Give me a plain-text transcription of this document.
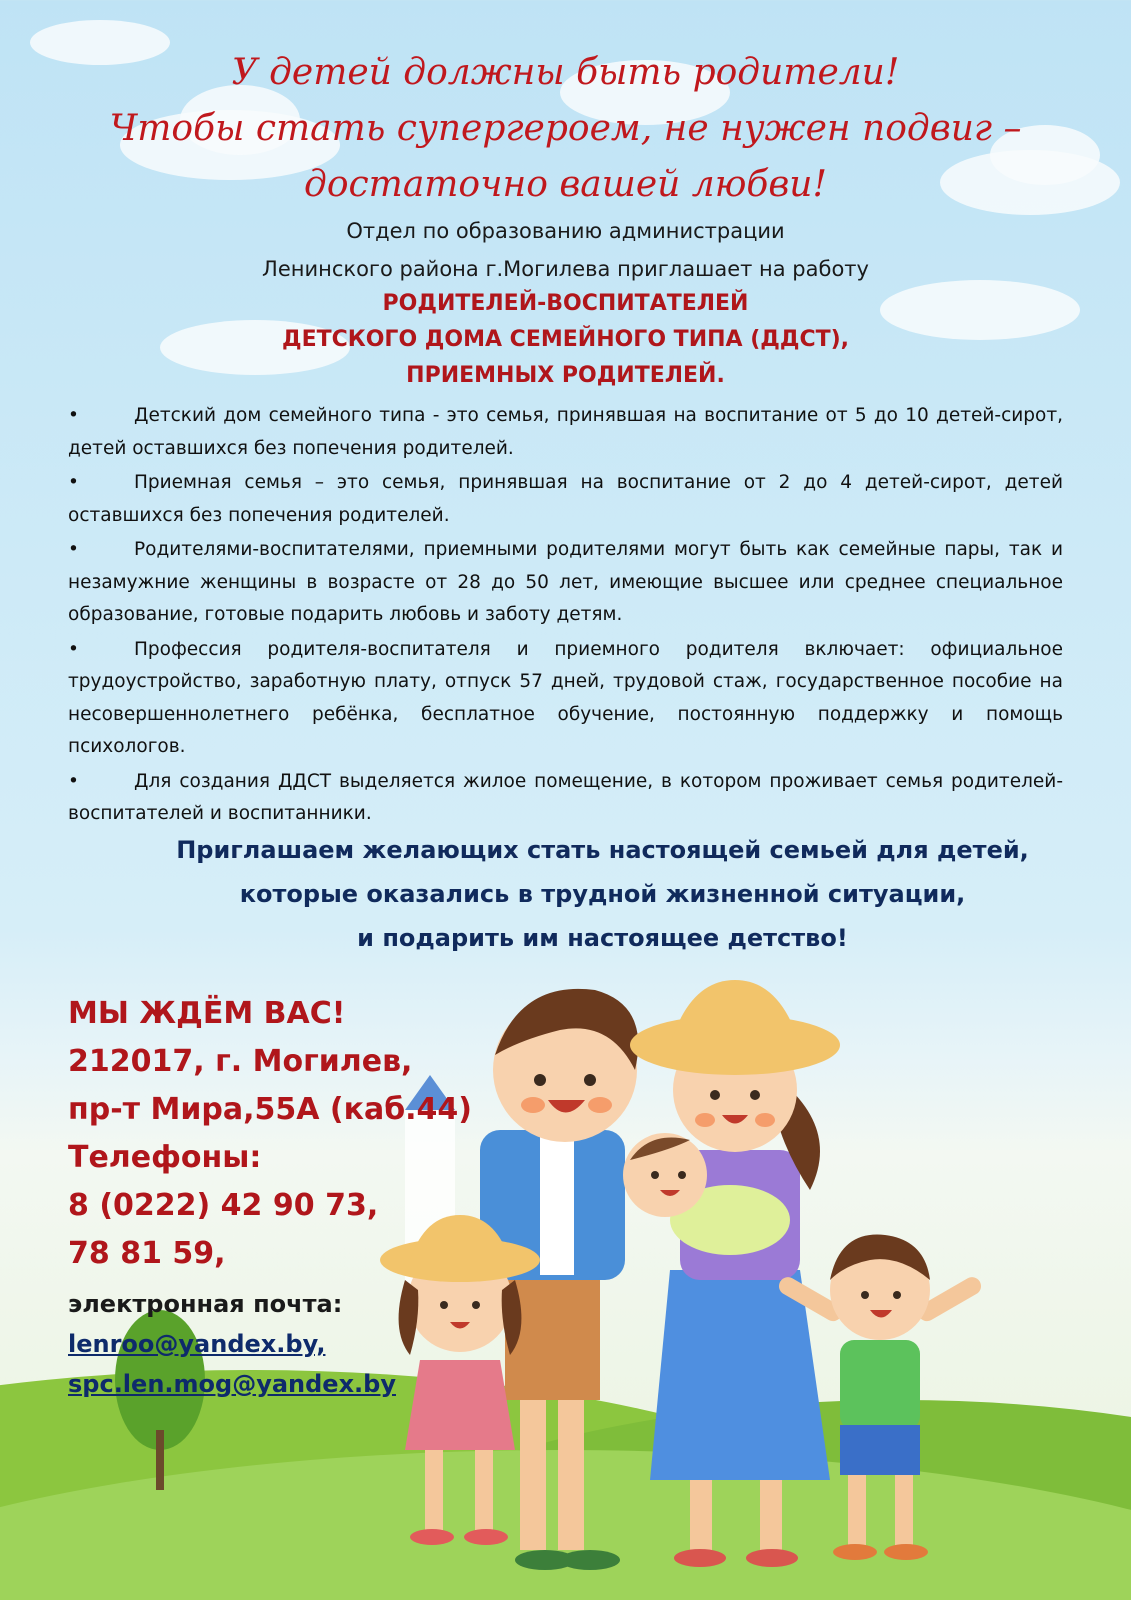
У детей должны быть родители!
Чтобы стать супергероем, не нужен подвиг –
достаточно вашей любви!
Отдел по образованию администрации
Ленинского района г.Могилева приглашает на работу
РОДИТЕЛЕЙ-ВОСПИТАТЕЛЕЙ
ДЕТСКОГО ДОМА СЕМЕЙНОГО ТИПА (ДДСТ),
ПРИЕМНЫХ РОДИТЕЛЕЙ.
•	Детский дом семейного типа - это семья, принявшая на воспитание от 5 до 10 детей-сирот, детей оставшихся без попечения родителей.
•	Приемная семья – это семья, принявшая на воспитание от 2 до 4 детей-сирот, детей оставшихся без попечения родителей.
•	Родителями-воспитателями, приемными родителями могут быть как семейные пары, так и незамужние женщины в возрасте от 28 до 50 лет, имеющие высшее или среднее специальное образование, готовые подарить любовь и заботу детям.
•	Профессия родителя-воспитателя и приемного родителя включает: официальное трудоустройство, заработную плату, отпуск 57 дней, трудовой стаж, государственное пособие на несовершеннолетнего ребёнка, бесплатное обучение, постоянную поддержку и помощь психологов.
•	Для создания ДДСТ выделяется жилое помещение, в котором проживает семья родителей-воспитателей и воспитанники.
Приглашаем желающих стать настоящей семьей для детей,
которые оказались в трудной жизненной ситуации,
и подарить им настоящее детство!
МЫ ЖДЁМ ВАС!
212017, г. Могилев,
пр-т Мира,55А (каб.44)
Телефоны:
8 (0222) 42 90 73,
78 81 59,
электронная почта:
lenroo@yandex.by,
spc.len.mog@yandex.by
